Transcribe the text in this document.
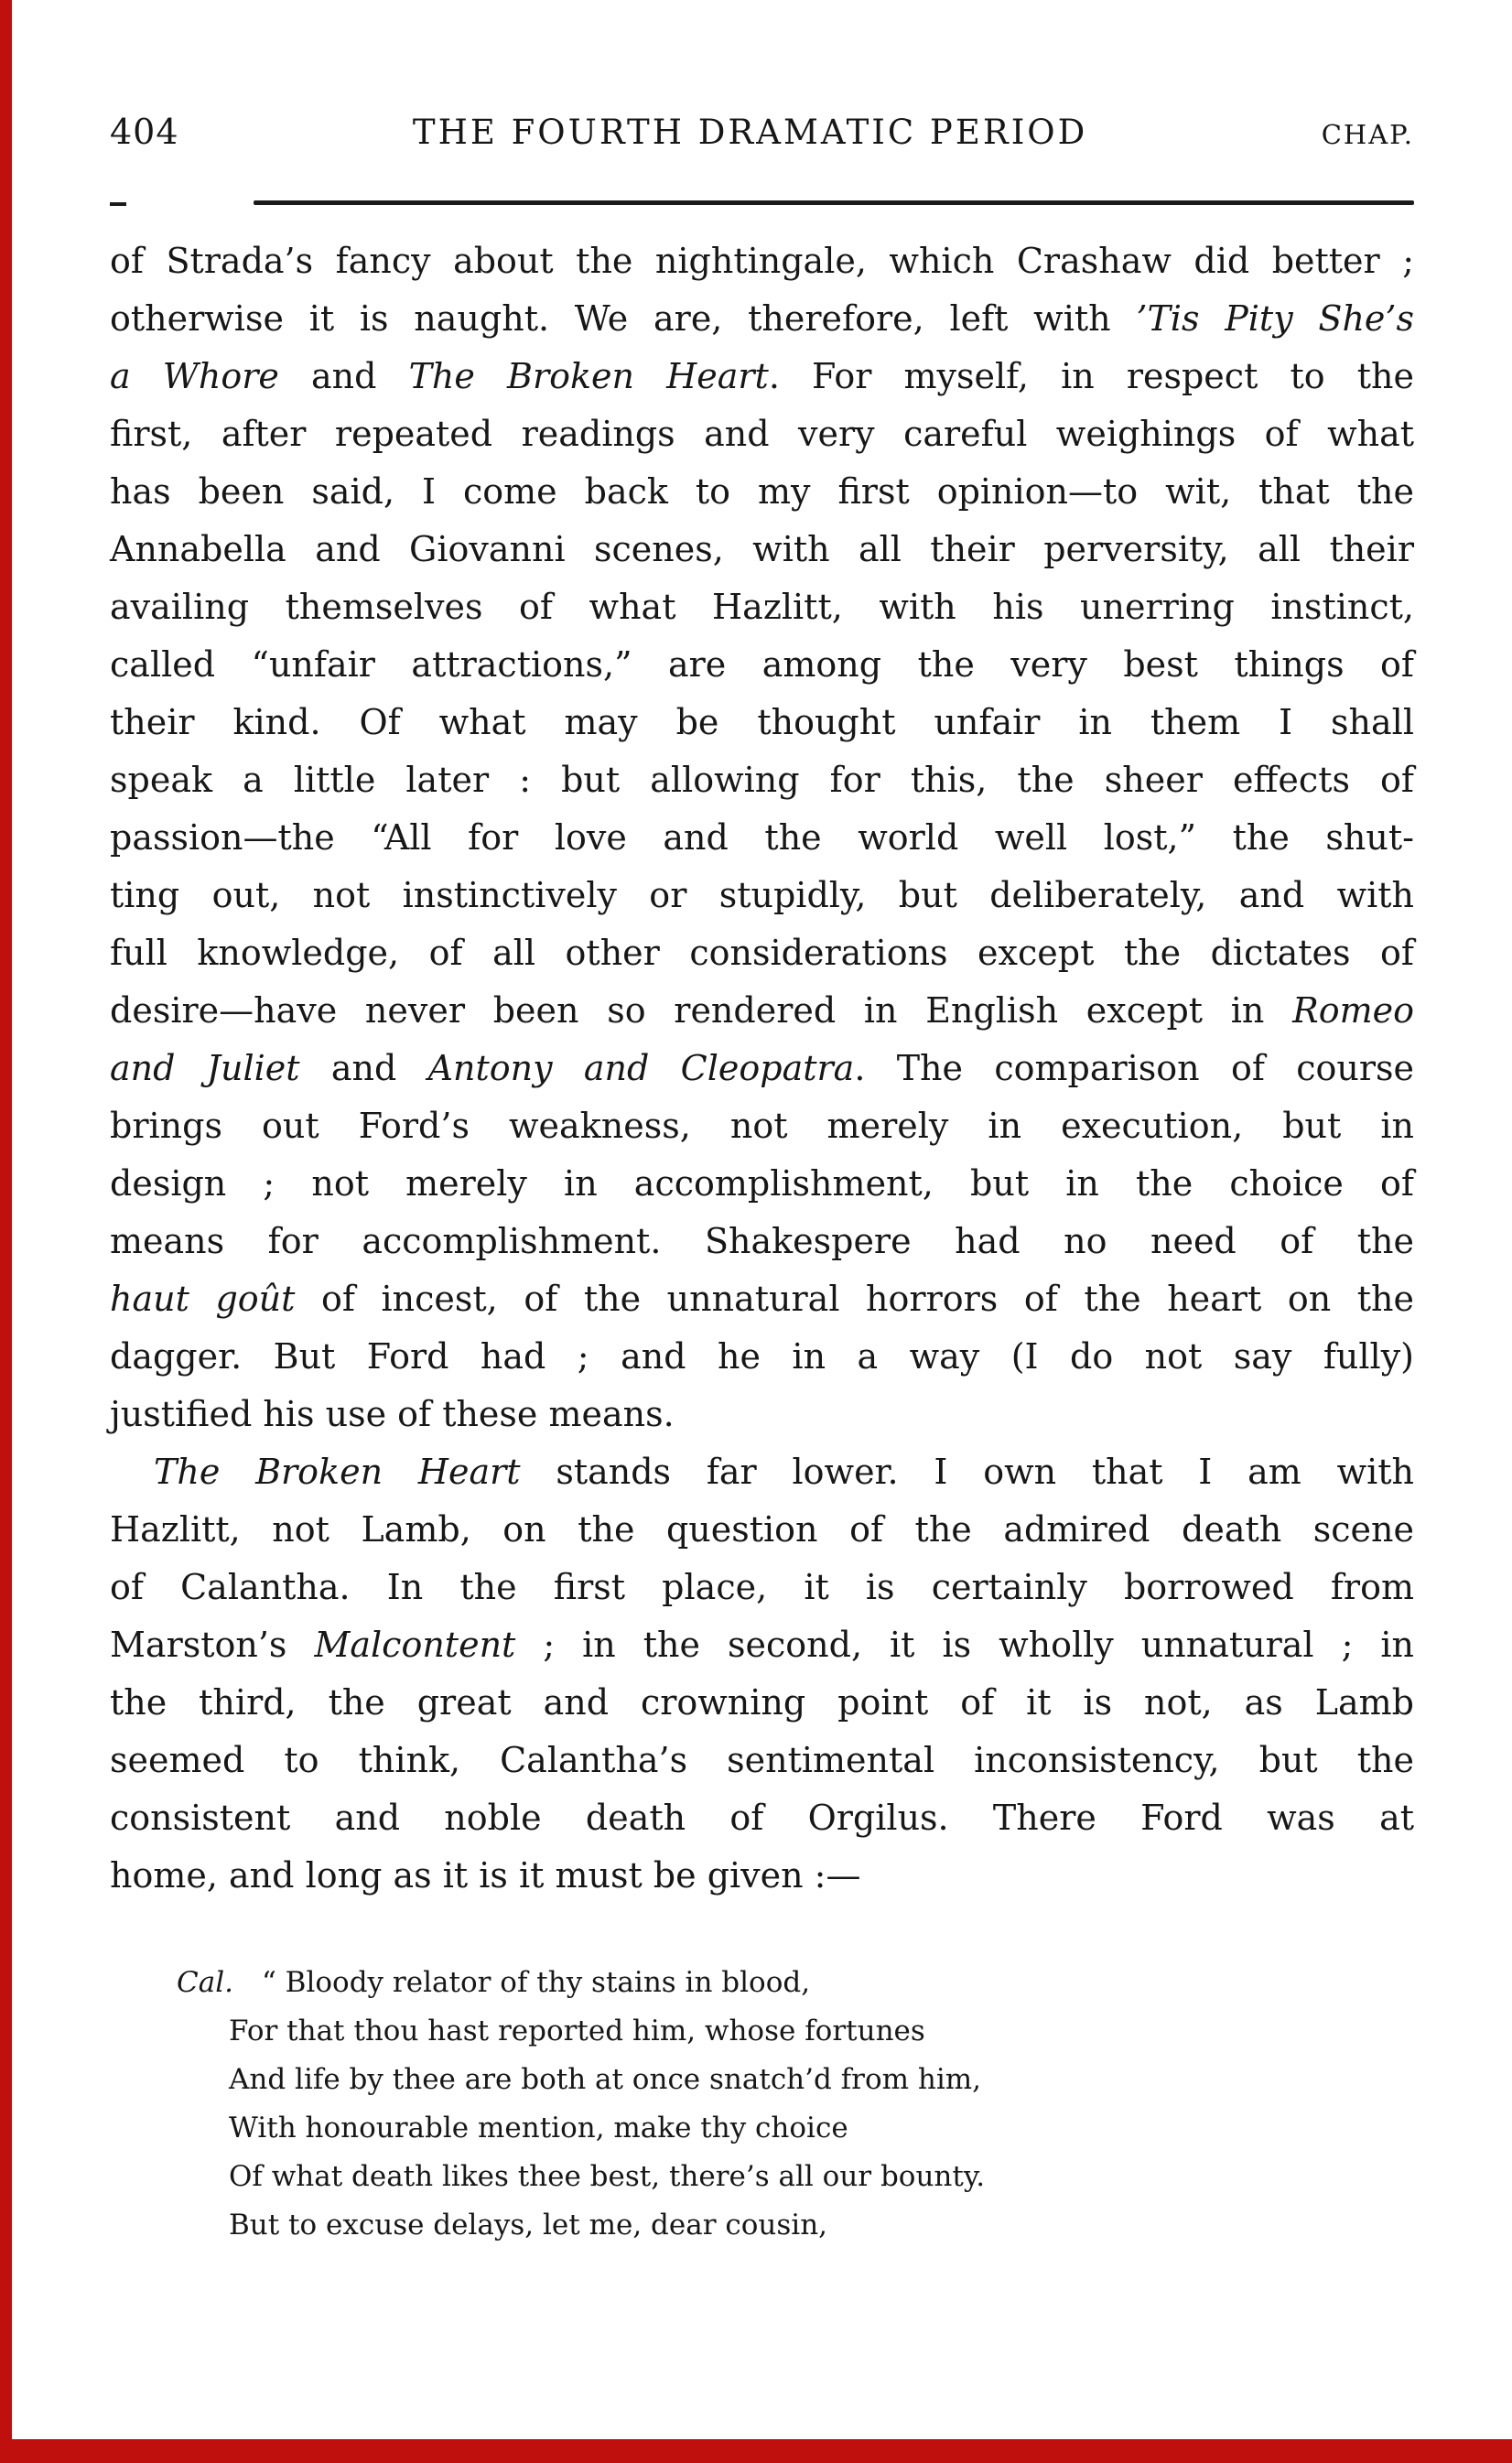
404	THE FOURTH DRAMATIC PERIOD	CHAP.
of Strada’s fancy about the nightingale, which Crashaw did better ;
otherwise it is naught. We are, therefore, left with ’Tis Pity She’s
a Whore and The Broken Heart. For myself, in respect to the
first, after repeated readings and very careful weighings of what
has been said, I come back to my first opinion—to wit, that the
Annabella and Giovanni scenes, with all their perversity, all their
availing themselves of what Hazlitt, with his unerring instinct,
called “unfair attractions,” are among the very best things of
their kind. Of what may be thought unfair in them I shall
speak a little later : but allowing for this, the sheer effects of
passion—the “All for love and the world well lost,” the shut-
ting out, not instinctively or stupidly, but deliberately, and with
full knowledge, of all other considerations except the dictates of
desire—have never been so rendered in English except in Romeo
and Juliet and Antony and Cleopatra. The comparison of course
brings out Ford’s weakness, not merely in execution, but in
design ; not merely in accomplishment, but in the choice of
means for accomplishment. Shakespere had no need of the
haut goût of incest, of the unnatural horrors of the heart on the
dagger. But Ford had ; and he in a way (I do not say fully)
justified his use of these means.
The Broken Heart stands far lower. I own that I am with
Hazlitt, not Lamb, on the question of the admired death scene
of Calantha. In the first place, it is certainly borrowed from
Marston’s Malcontent ; in the second, it is wholly unnatural ; in
the third, the great and crowning point of it is not, as Lamb
seemed to think, Calantha’s sentimental inconsistency, but the
consistent and noble death of Orgilus. There Ford was at
home, and long as it is it must be given :—
Cal.  “ Bloody relator of thy stains in blood,
For that thou hast reported him, whose fortunes
And life by thee are both at once snatch’d from him,
With honourable mention, make thy choice
Of what death likes thee best, there’s all our bounty.
But to excuse delays, let me, dear cousin,
